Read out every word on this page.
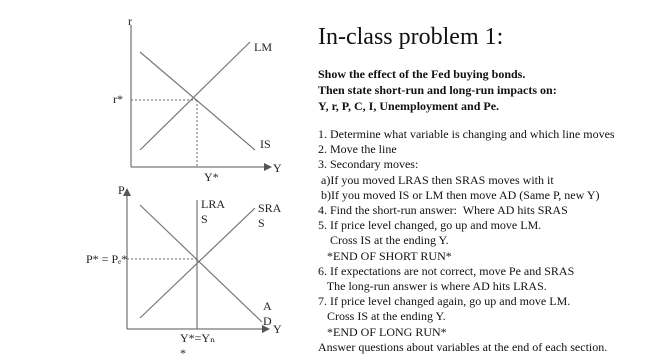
r
LM
r*
IS
Y
Y*
P
LRA
S
SRA
S
P* = Pₑ*
A
D
Y
Y*=Yₙ
*
In-class problem 1:
Show the effect of the Fed buying bonds.
Then state short-run and long-run impacts on:
Y, r, P, C, I, Unemployment and Pe.
1. Determine what variable is changing and which line moves
2. Move the line
3. Secondary moves:
a)If you moved LRAS then SRAS moves with it
b)If you moved IS or LM then move AD (Same P, new Y)
4. Find the short-run answer:  Where AD hits SRAS
5. If price level changed, go up and move LM.
Cross IS at the ending Y.
*END OF SHORT RUN*
6. If expectations are not correct, move Pe and SRAS
The long-run answer is where AD hits LRAS.
7. If price level changed again, go up and move LM.
Cross IS at the ending Y.
*END OF LONG RUN*
Answer questions about variables at the end of each section.
